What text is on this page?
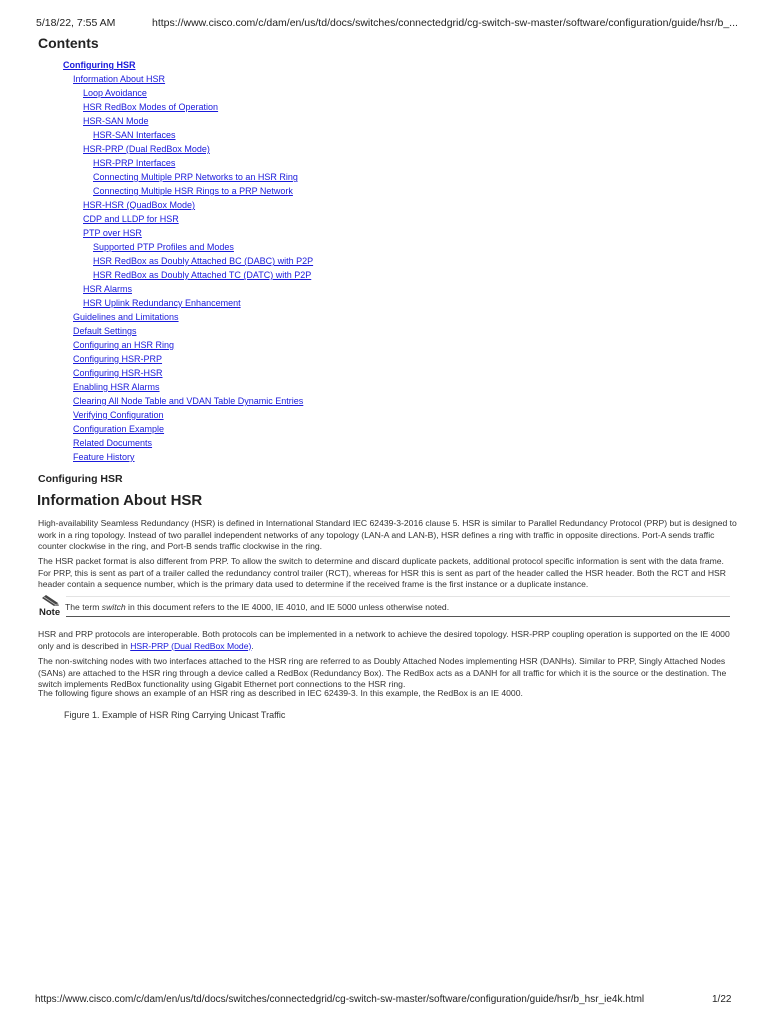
5/18/22, 7:55 AM	https://www.cisco.com/c/dam/en/us/td/docs/switches/connectedgrid/cg-switch-sw-master/software/configuration/guide/hsr/b_...
Contents
Configuring HSR
Information About HSR
Loop Avoidance
HSR RedBox Modes of Operation
HSR-SAN Mode
HSR-SAN Interfaces
HSR-PRP (Dual RedBox Mode)
HSR-PRP Interfaces
Connecting Multiple PRP Networks to an HSR Ring
Connecting Multiple HSR Rings to a PRP Network
HSR-HSR (QuadBox Mode)
CDP and LLDP for HSR
PTP over HSR
Supported PTP Profiles and Modes
HSR RedBox as Doubly Attached BC (DABC) with P2P
HSR RedBox as Doubly Attached TC (DATC) with P2P
HSR Alarms
HSR Uplink Redundancy Enhancement
Guidelines and Limitations
Default Settings
Configuring an HSR Ring
Configuring HSR-PRP
Configuring HSR-HSR
Enabling HSR Alarms
Clearing All Node Table and VDAN Table Dynamic Entries
Verifying Configuration
Configuration Example
Related Documents
Feature History
Configuring HSR
Information About HSR

High-availability Seamless Redundancy (HSR) is defined in International Standard IEC 62439-3-2016 clause 5. HSR is similar to Parallel Redundancy Protocol (PRP) but is designed to work in a ring topology. Instead of two parallel independent networks of any topology (LAN-A and LAN-B), HSR defines a ring with traffic in opposite directions. Port-A sends traffic counter clockwise in the ring, and Port-B sends traffic clockwise in the ring.

The HSR packet format is also different from PRP. To allow the switch to determine and discard duplicate packets, additional protocol specific information is sent with the data frame. For PRP, this is sent as part of a trailer called the redundancy control trailer (RCT), whereas for HSR this is sent as part of the header called the HSR header. Both the RCT and HSR header contain a sequence number, which is the primary data used to determine if the received frame is the first instance or a duplicate instance.

Note The term switch in this document refers to the IE 4000, IE 4010, and IE 5000 unless otherwise noted.

HSR and PRP protocols are interoperable. Both protocols can be implemented in a network to achieve the desired topology. HSR-PRP coupling operation is supported on the IE 4000 only and is described in HSR-PRP (Dual RedBox Mode).

The non-switching nodes with two interfaces attached to the HSR ring are referred to as Doubly Attached Nodes implementing HSR (DANHs). Similar to PRP, Singly Attached Nodes (SANs) are attached to the HSR ring through a device called a RedBox (Redundancy Box). The RedBox acts as a DANH for all traffic for which it is the source or the destination. The switch implements RedBox functionality using Gigabit Ethernet port connections to the HSR ring.

The following figure shows an example of an HSR ring as described in IEC 62439-3. In this example, the RedBox is an IE 4000.

Figure 1. Example of HSR Ring Carrying Unicast Traffic

https://www.cisco.com/c/dam/en/us/td/docs/switches/connectedgrid/cg-switch-sw-master/software/configuration/guide/hsr/b_hsr_ie4k.html	1/22
